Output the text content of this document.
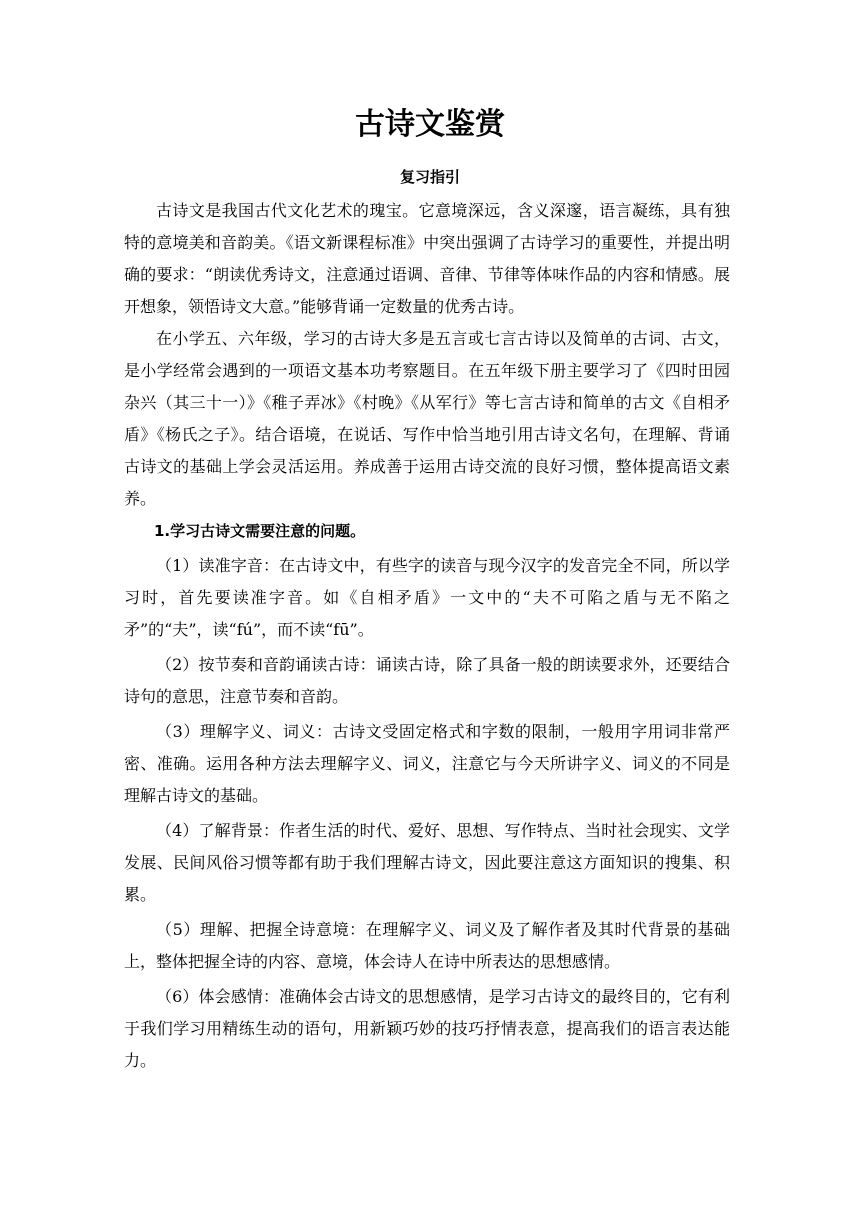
古诗文鉴赏
复习指引

古诗文是我国古代文化艺术的瑰宝。它意境深远，含义深邃，语言凝练，具有独特的意境美和音韵美。《语文新课程标准》中突出强调了古诗学习的重要性，并提出明确的要求：“朗读优秀诗文，注意通过语调、音律、节律等体味作品的内容和情感。展开想象，领悟诗文大意。”能够背诵一定数量的优秀古诗。

在小学五、六年级，学习的古诗大多是五言或七言古诗以及简单的古词、古文，是小学经常会遇到的一项语文基本功考察题目。在五年级下册主要学习了《四时田园杂兴（其三十一）》《稚子弄冰》《村晚》《从军行》等七言古诗和简单的古文《自相矛盾》《杨氏之子》。结合语境，在说话、写作中恰当地引用古诗文名句，在理解、背诵古诗文的基础上学会灵活运用。养成善于运用古诗交流的良好习惯，整体提高语文素养。

1.学习古诗文需要注意的问题。

（1）读准字音：在古诗文中，有些字的读音与现今汉字的发音完全不同，所以学习时，首先要读准字音。如《自相矛盾》一文中的“夫不可陷之盾与无不陷之矛”的“夫”，读“fú”，而不读“fū”。

（2）按节奏和音韵诵读古诗：诵读古诗，除了具备一般的朗读要求外，还要结合诗句的意思，注意节奏和音韵。

（3）理解字义、词义：古诗文受固定格式和字数的限制，一般用字用词非常严密、准确。运用各种方法去理解字义、词义，注意它与今天所讲字义、词义的不同是理解古诗文的基础。

（4）了解背景：作者生活的时代、爱好、思想、写作特点、当时社会现实、文学发展、民间风俗习惯等都有助于我们理解古诗文，因此要注意这方面知识的搜集、积累。

（5）理解、把握全诗意境：在理解字义、词义及了解作者及其时代背景的基础上，整体把握全诗的内容、意境，体会诗人在诗中所表达的思想感情。

（6）体会感情：准确体会古诗文的思想感情，是学习古诗文的最终目的，它有利于我们学习用精练生动的语句，用新颖巧妙的技巧抒情表意，提高我们的语言表达能力。
